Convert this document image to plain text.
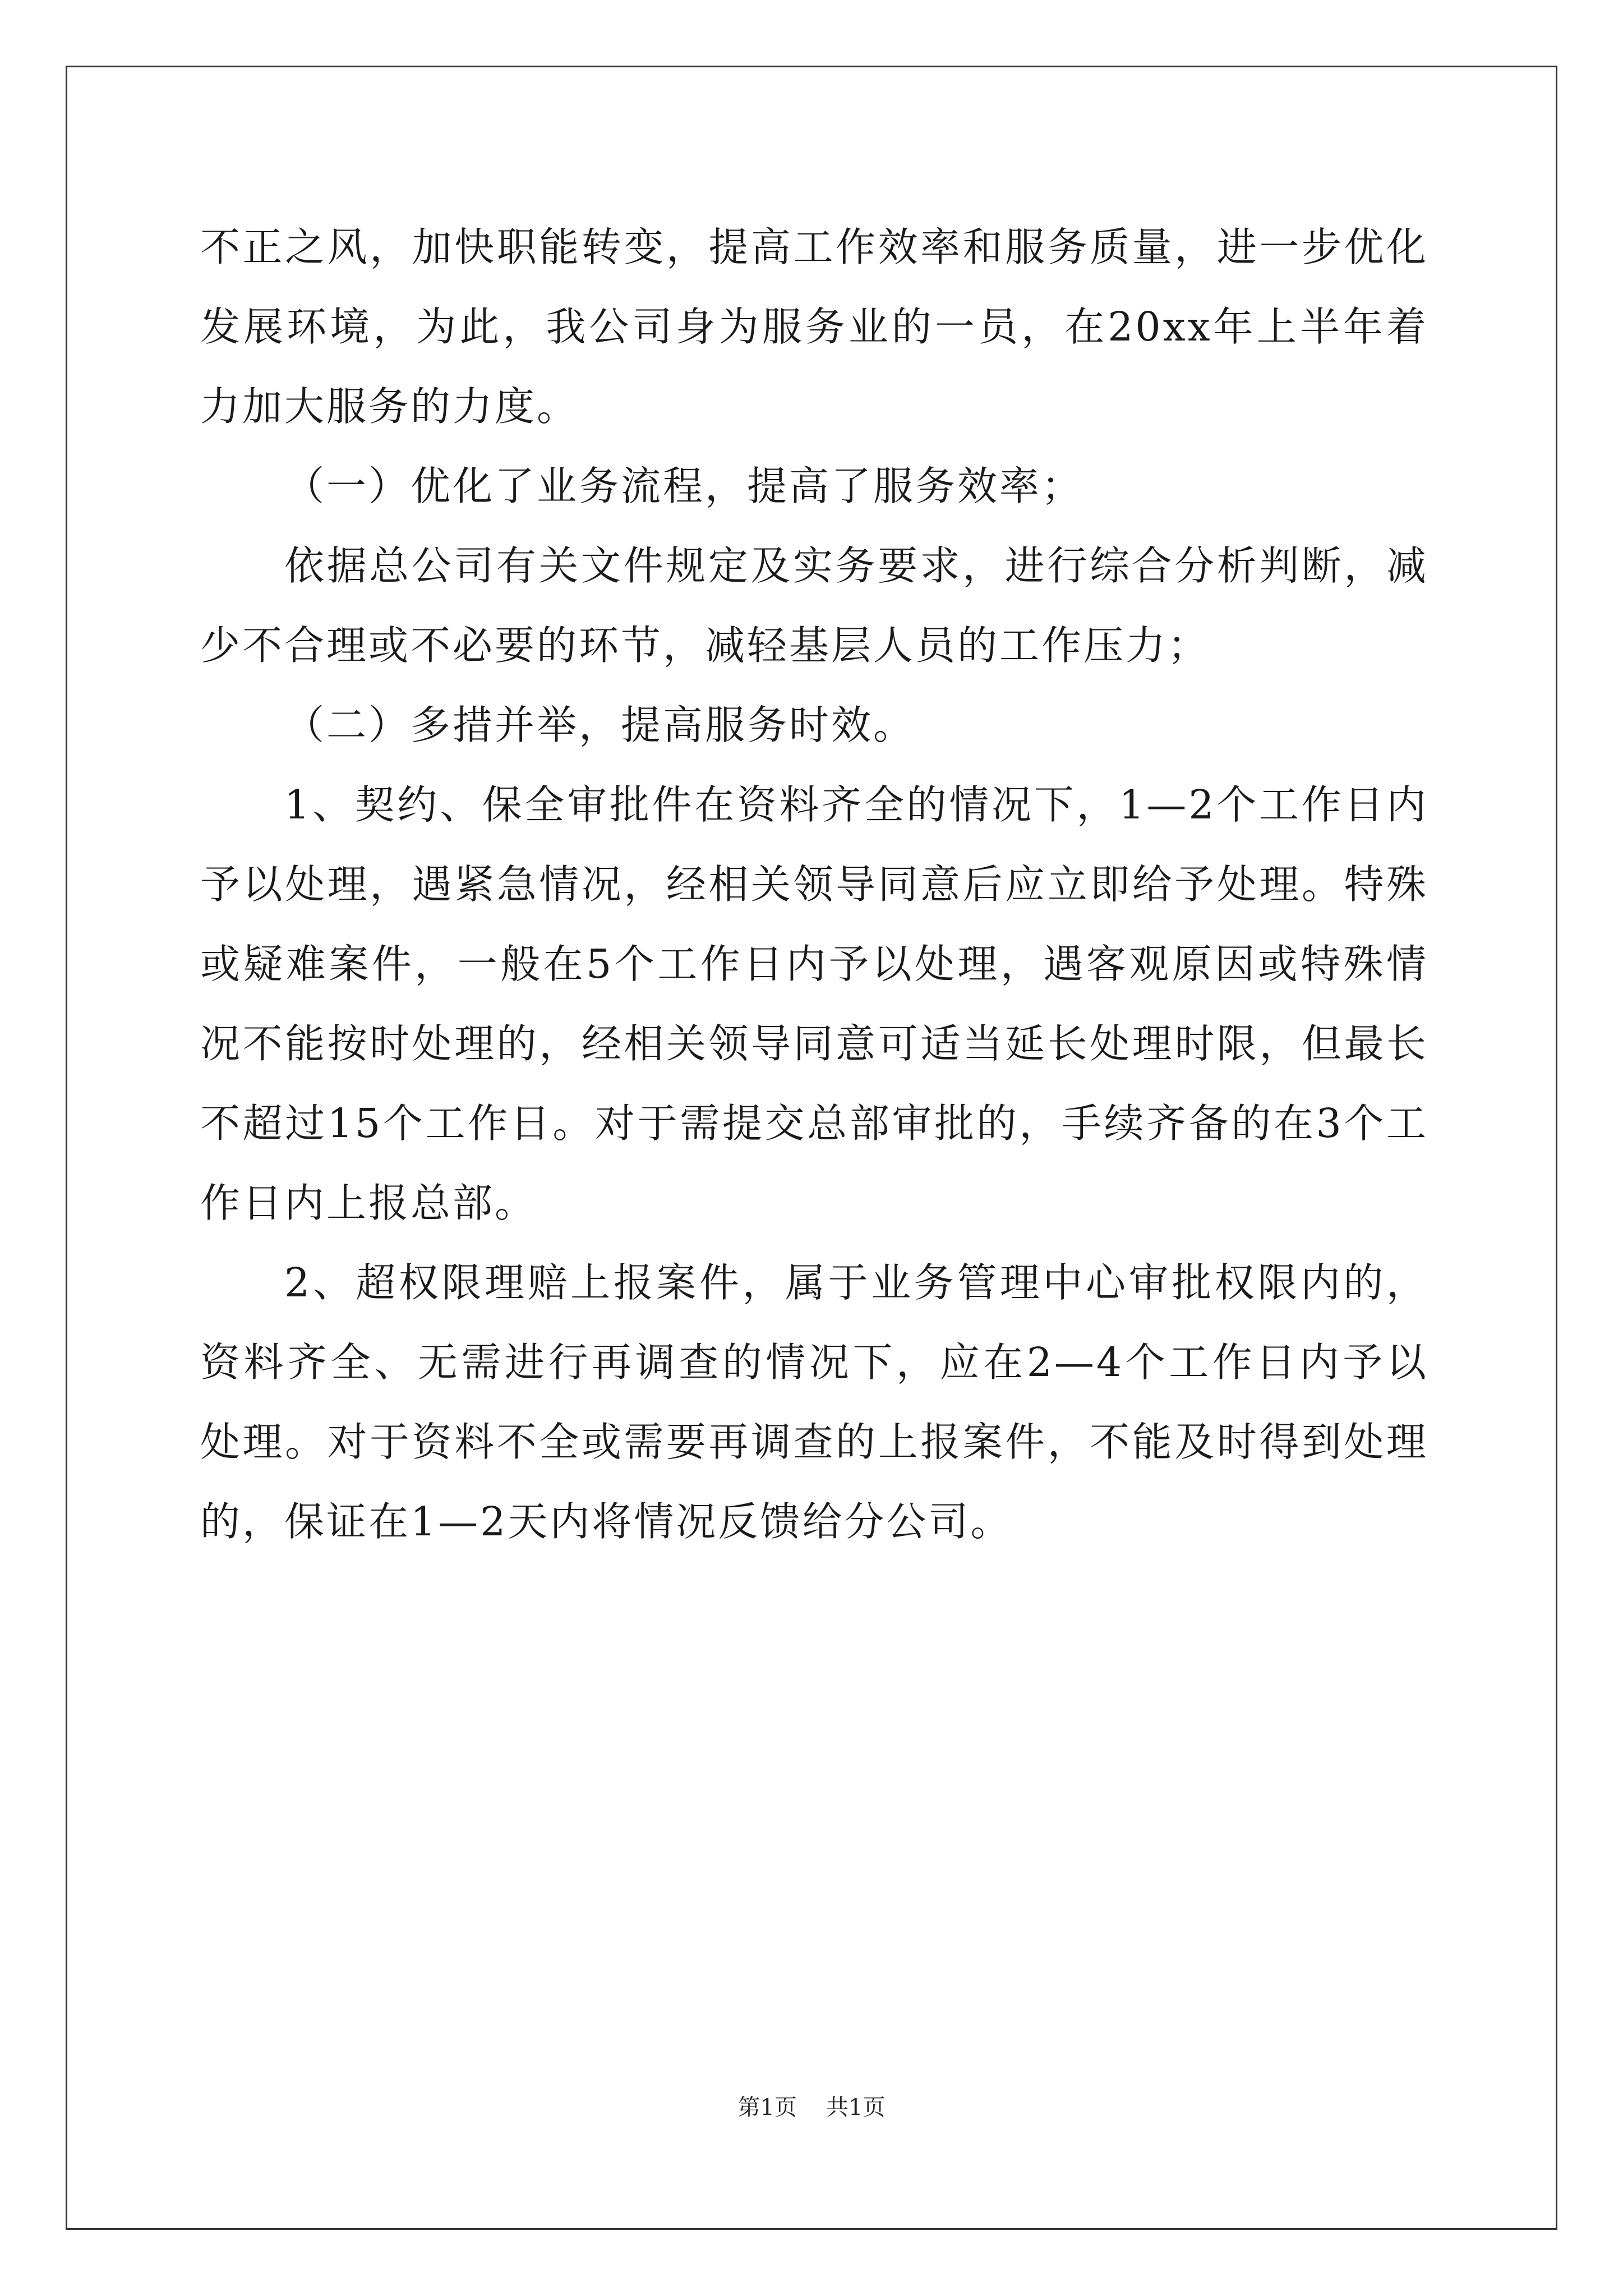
不正之风，加快职能转变，提高工作效率和服务质量，进一步优化发展环境，为此，我公司身为服务业的一员，在20xx年上半年着力加大服务的力度。

（一）优化了业务流程，提高了服务效率；

依据总公司有关文件规定及实务要求，进行综合分析判断，减少不合理或不必要的环节，减轻基层人员的工作压力；

（二）多措并举，提高服务时效。

1、契约、保全审批件在资料齐全的情况下，1—2个工作日内予以处理，遇紧急情况，经相关领导同意后应立即给予处理。特殊或疑难案件，一般在5个工作日内予以处理，遇客观原因或特殊情况不能按时处理的，经相关领导同意可适当延长处理时限，但最长不超过15个工作日。对于需提交总部审批的，手续齐备的在3个工作日内上报总部。

2、超权限理赔上报案件，属于业务管理中心审批权限内的，资料齐全、无需进行再调查的情况下，应在2—4个工作日内予以处理。对于资料不全或需要再调查的上报案件，不能及时得到处理的，保证在1—2天内将情况反馈给分公司。

第1页 共1页
